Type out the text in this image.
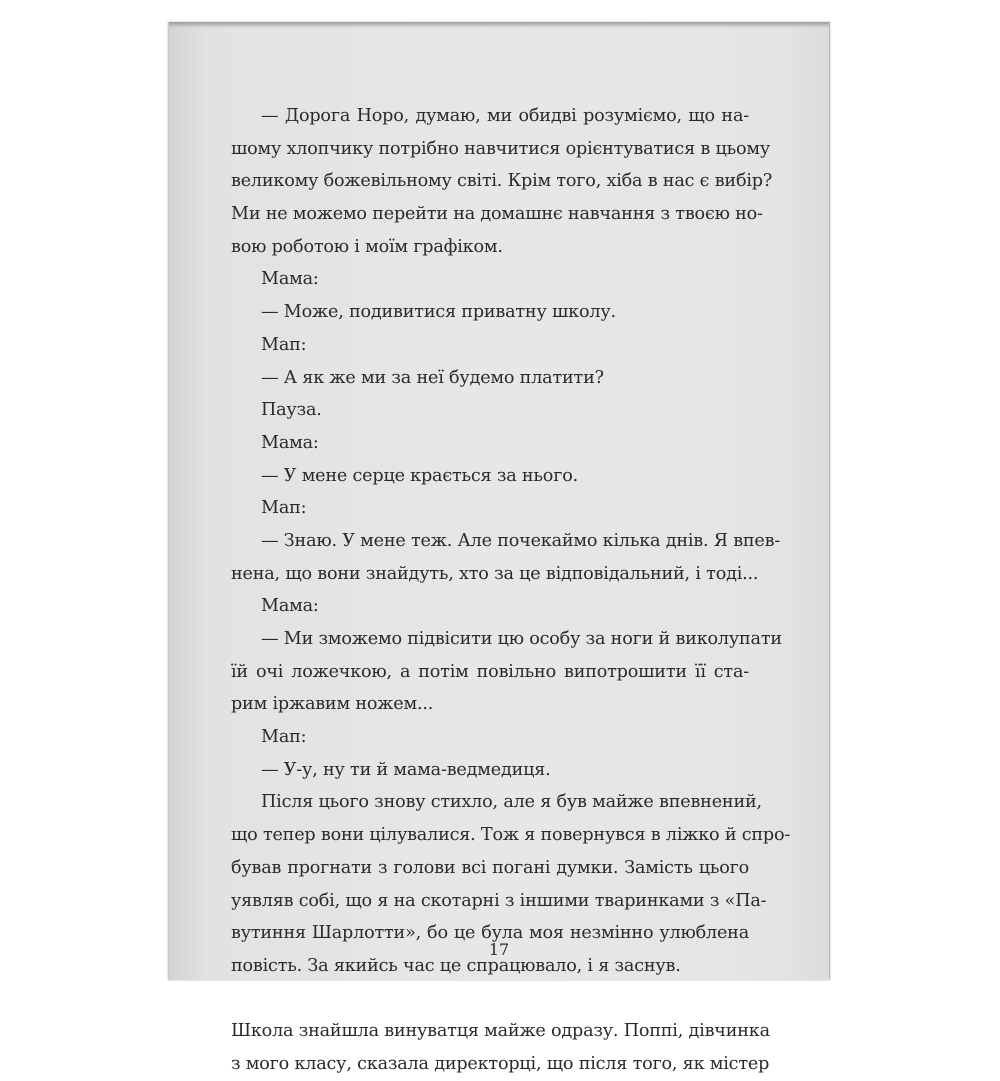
— Дорога Норо, думаю, ми обидві розуміємо, що на-
шому хлопчику потрібно навчитися орієнтуватися в цьому
великому божевільному світі. Крім того, хіба в нас є вибір?
Ми не можемо перейти на домашнє навчання з твоєю но-
вою роботою і моїм графіком.
Мама:
— Може, подивитися приватну школу.
Мап:
— А як же ми за неї будемо платити?
Пауза.
Мама:
— У мене серце крається за нього.
Мап:
— Знаю. У мене теж. Але почекаймо кілька днів. Я впев-
нена, що вони знайдуть, хто за це відповідальний, і тоді...
Мама:
— Ми зможемо підвісити цю особу за ноги й виколупати
їй очі ложечкою, а потім повільно випотрошити її ста-
рим іржавим ножем...
Мап:
— У-у, ну ти й мама-ведмедиця.
Після цього знову стихло, але я був майже впевнений,
що тепер вони цілувалися. Тож я повернувся в ліжко й спро-
бував прогнати з голови всі погані думки. Замість цього
уявляв собі, що я на скотарні з іншими тваринками з «Па-
вутиння Шарлотти», бо це була моя незмінно улюблена
повість. За якийсь час це спрацювало, і я заснув.
Школа знайшла винуватця майже одразу. Поппі, дівчинка
з мого класу, сказала директорці, що після того, як містер
17
